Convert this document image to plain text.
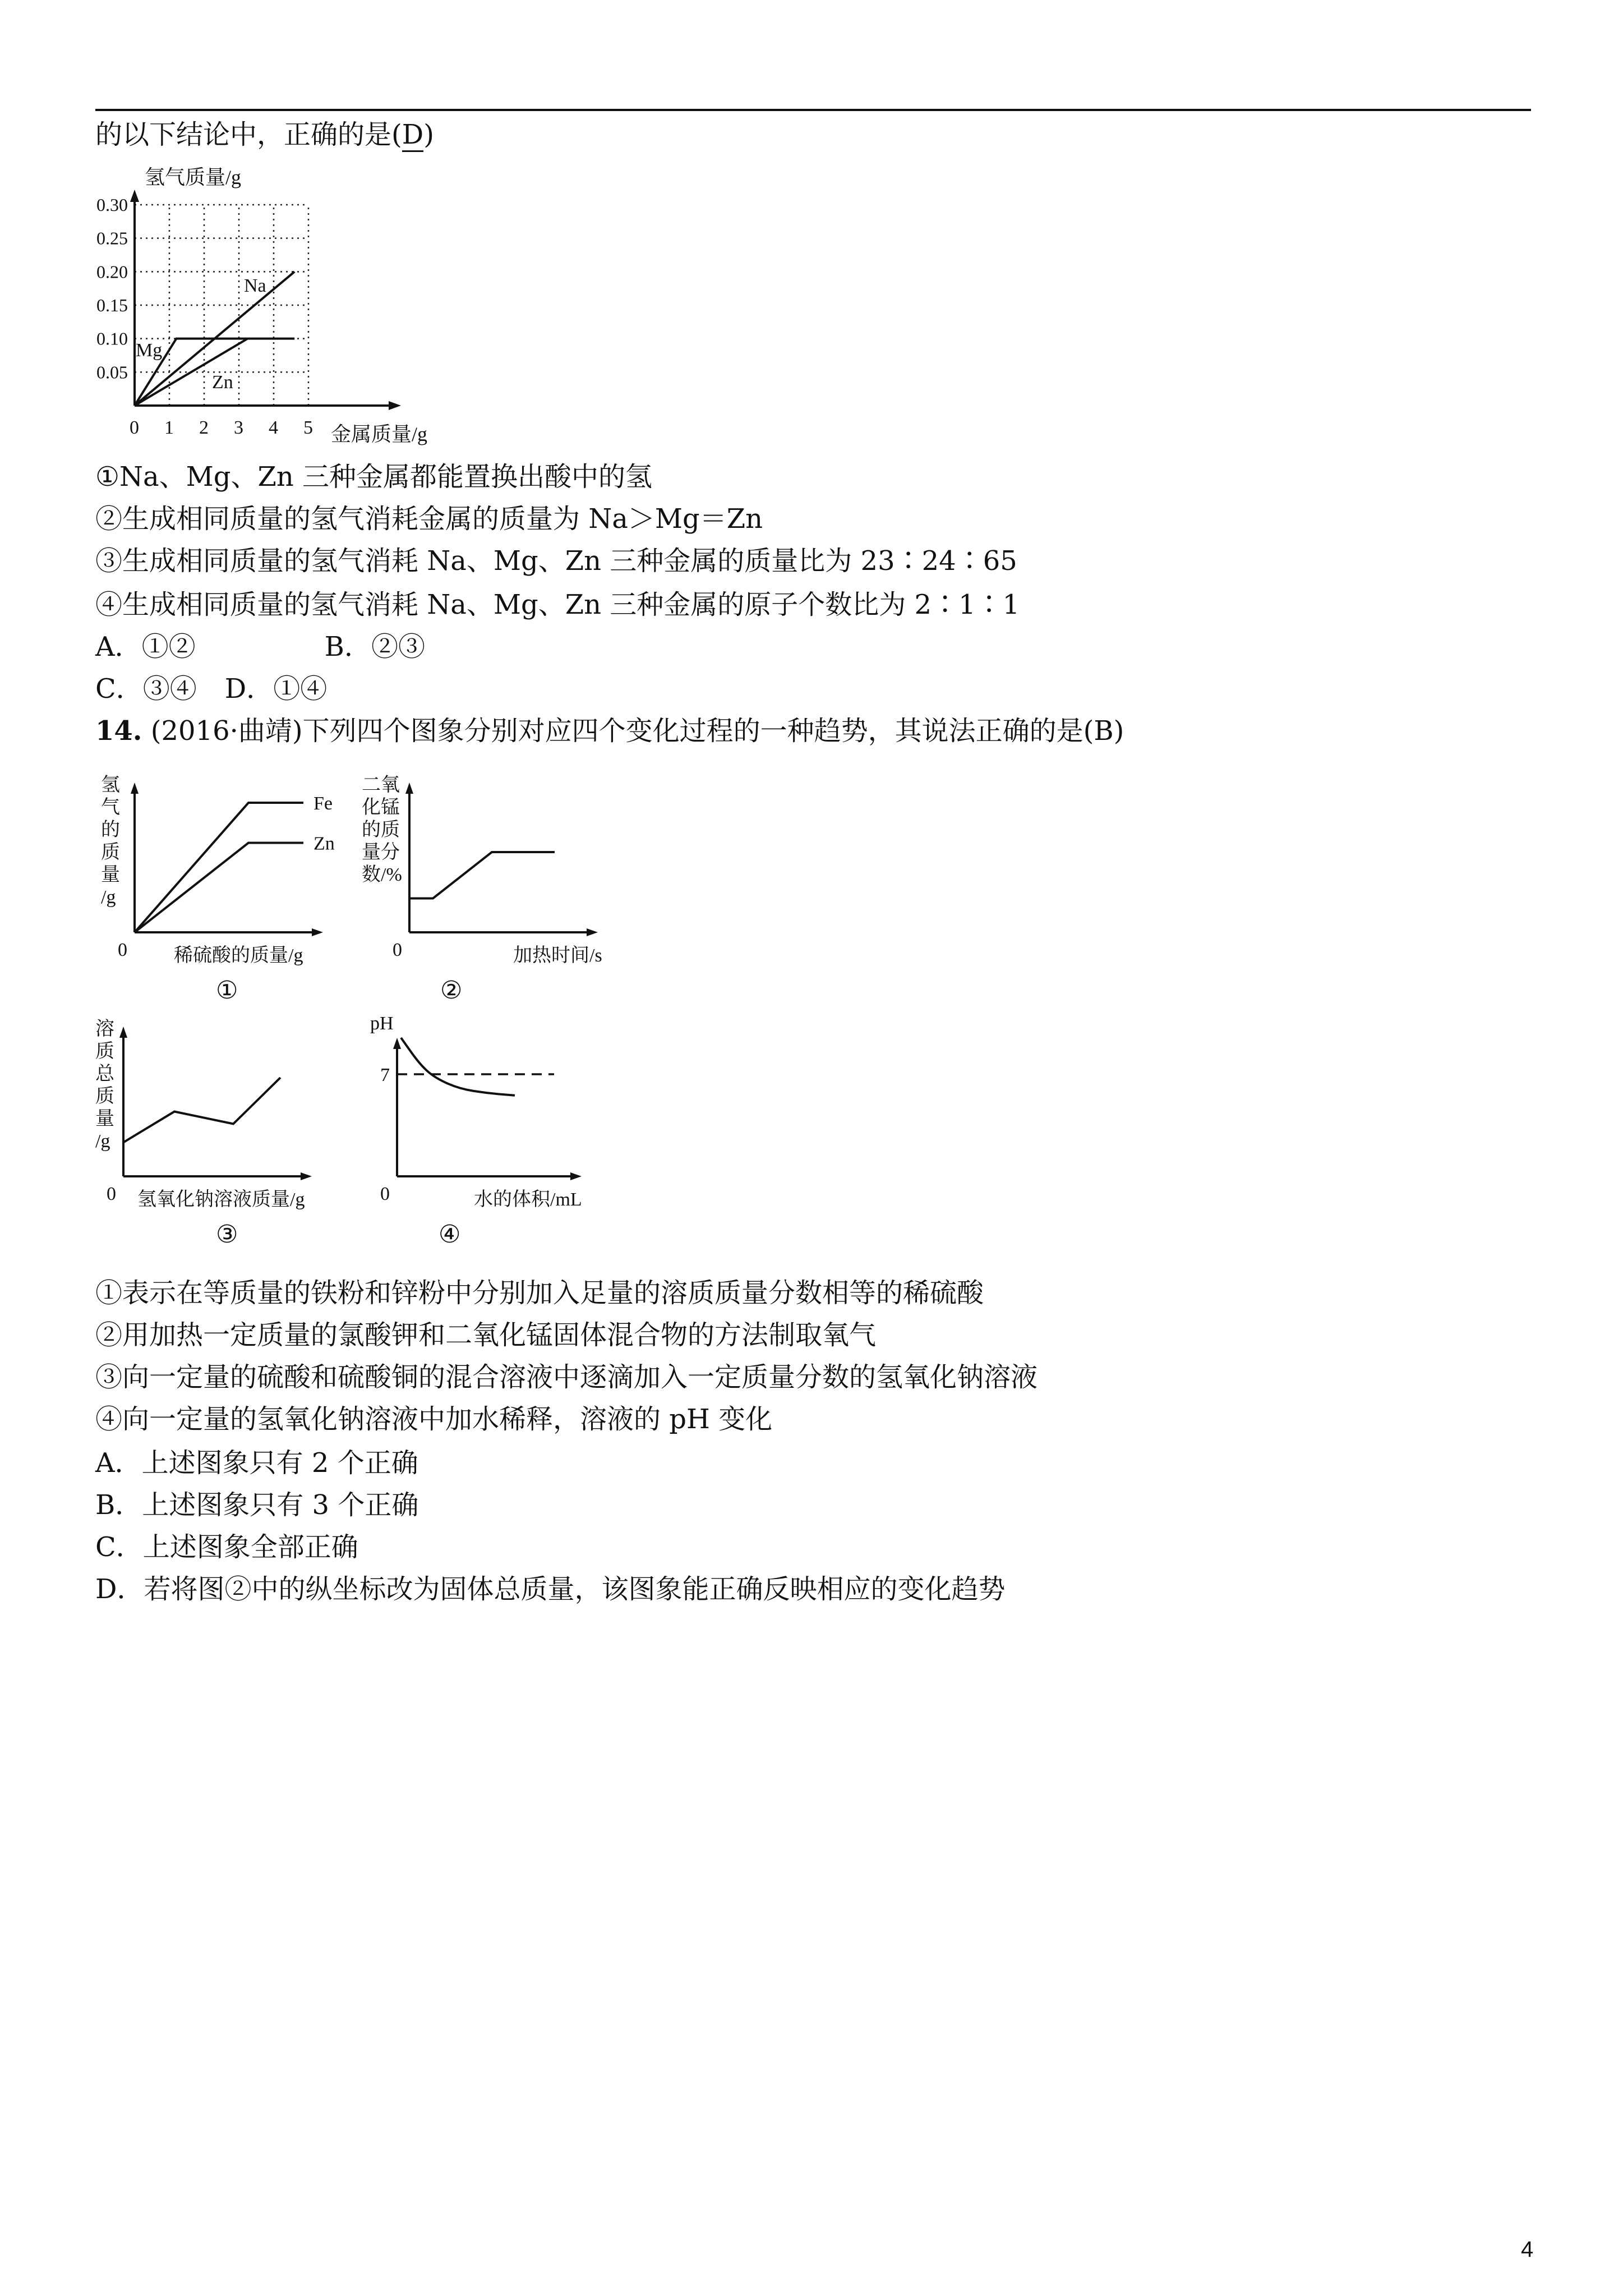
的以下结论中，正确的是(D)
氢气质量/g
金属质量/g
0.05
0.10
0.15
0.20
0.25
0.30
0 1 2 3 4 5
Na
Mg
Zn
①Na、Mg、Zn 三种金属都能置换出酸中的氢
②生成相同质量的氢气消耗金属的质量为 Na＞Mg＝Zn
③生成相同质量的氢气消耗 Na、Mg、Zn 三种金属的质量比为 23∶24∶65
④生成相同质量的氢气消耗 Na、Mg、Zn 三种金属的原子个数比为 2∶1∶1
A．①②	B．②③
C．③④ D．①④
14. (2016·曲靖)下列四个图象分别对应四个变化过程的一种趋势，其说法正确的是(B)
0 稀硫酸的质量/g
①
氢气的质量/g
Fe
Zn
0	加热时间/s
②
二氧化锰的质量分数/%
0 氢氧化钠溶液质量/g
③
溶质总质量/g
0	水的体积/mL
④
pH
7
①表示在等质量的铁粉和锌粉中分别加入足量的溶质质量分数相等的稀硫酸
②用加热一定质量的氯酸钾和二氧化锰固体混合物的方法制取氧气
③向一定量的硫酸和硫酸铜的混合溶液中逐滴加入一定质量分数的氢氧化钠溶液
④向一定量的氢氧化钠溶液中加水稀释，溶液的 pH 变化
A．上述图象只有 2 个正确
B．上述图象只有 3 个正确
C．上述图象全部正确
D．若将图②中的纵坐标改为固体总质量，该图象能正确反映相应的变化趋势
4
